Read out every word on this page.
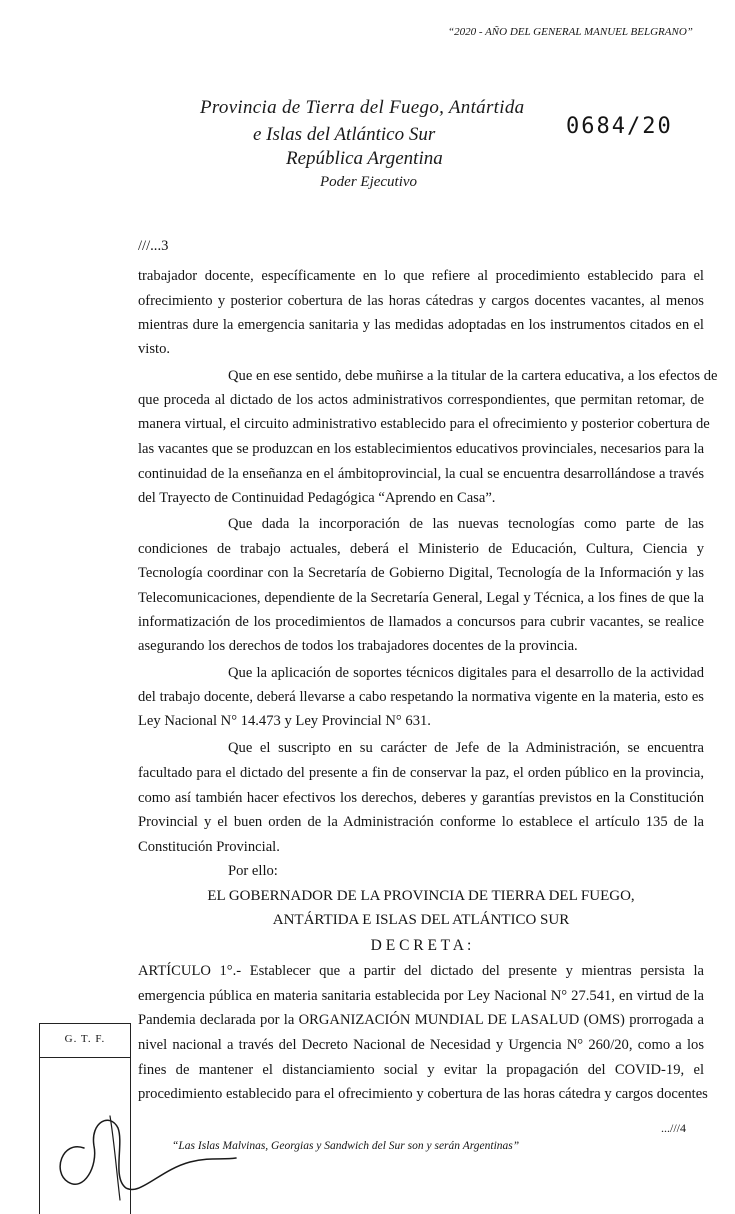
“2020 - AÑO DEL GENERAL MANUEL BELGRANO”
Provincia de Tierra del Fuego, Antártida
e Islas del Atlántico Sur
República Argentina
Poder Ejecutivo
0684/20
///...3
trabajador docente, específicamente en lo que refiere al procedimiento establecido para el
ofrecimiento y posterior cobertura de las horas cátedras y cargos docentes vacantes, al menos
mientras dure la emergencia sanitaria y las medidas adoptadas en los instrumentos citados en el
visto.
Que en ese sentido, debe muñirse a la titular de la cartera educativa, a los efectos de
que proceda al dictado de los actos administrativos correspondientes, que permitan retomar, de
manera virtual, el circuito administrativo establecido para el ofrecimiento y posterior cobertura de
las vacantes que se produzcan en los establecimientos educativos provinciales, necesarios para la
continuidad de la enseñanza en el ámbitoprovincial, la cual se encuentra desarrollándose a través
del Trayecto de Continuidad Pedagógica “Aprendo en Casa”.
Que dada la incorporación de las nuevas tecnologías como parte de las
condiciones de trabajo actuales, deberá el Ministerio de Educación, Cultura, Ciencia y
Tecnología coordinar con la Secretaría de Gobierno Digital, Tecnología de la Información y las
Telecomunicaciones, dependiente de la Secretaría General, Legal y Técnica, a los fines de que la
informatización de los procedimientos de llamados a concursos para cubrir vacantes, se realice
asegurando los derechos de todos los trabajadores docentes de la provincia.
Que la aplicación de soportes técnicos digitales para el desarrollo de la actividad
del trabajo docente, deberá llevarse a cabo respetando la normativa vigente en la materia, esto es
Ley Nacional N° 14.473 y Ley Provincial N° 631.
Que el suscripto en su carácter de Jefe de la Administración, se encuentra
facultado para el dictado del presente a fin de conservar la paz, el orden público en la provincia,
como así también hacer efectivos los derechos, deberes y garantías previstos en la Constitución
Provincial y el buen orden de la Administración conforme lo establece el artículo 135 de la
Constitución Provincial.
Por ello:
EL GOBERNADOR DE LA PROVINCIA DE TIERRA DEL FUEGO,
ANTÁRTIDA E ISLAS DEL ATLÁNTICO SUR
D E C R E T A :
ARTÍCULO 1°.- Establecer que a partir del dictado del presente y mientras persista la
emergencia pública en materia sanitaria establecida por Ley Nacional N° 27.541, en virtud de la
Pandemia declarada por la ORGANIZACIÓN MUNDIAL DE LASALUD (OMS) prorrogada a
nivel nacional a través del Decreto Nacional de Necesidad y Urgencia N° 260/20, como a los
fines de mantener el distanciamiento social y evitar la propagación del COVID-19, el
procedimiento establecido para el ofrecimiento y cobertura de las horas cátedra y cargos docentes
...///4
G. T. F.
“Las Islas Malvinas, Georgias y Sandwich del Sur son y serán Argentinas”
